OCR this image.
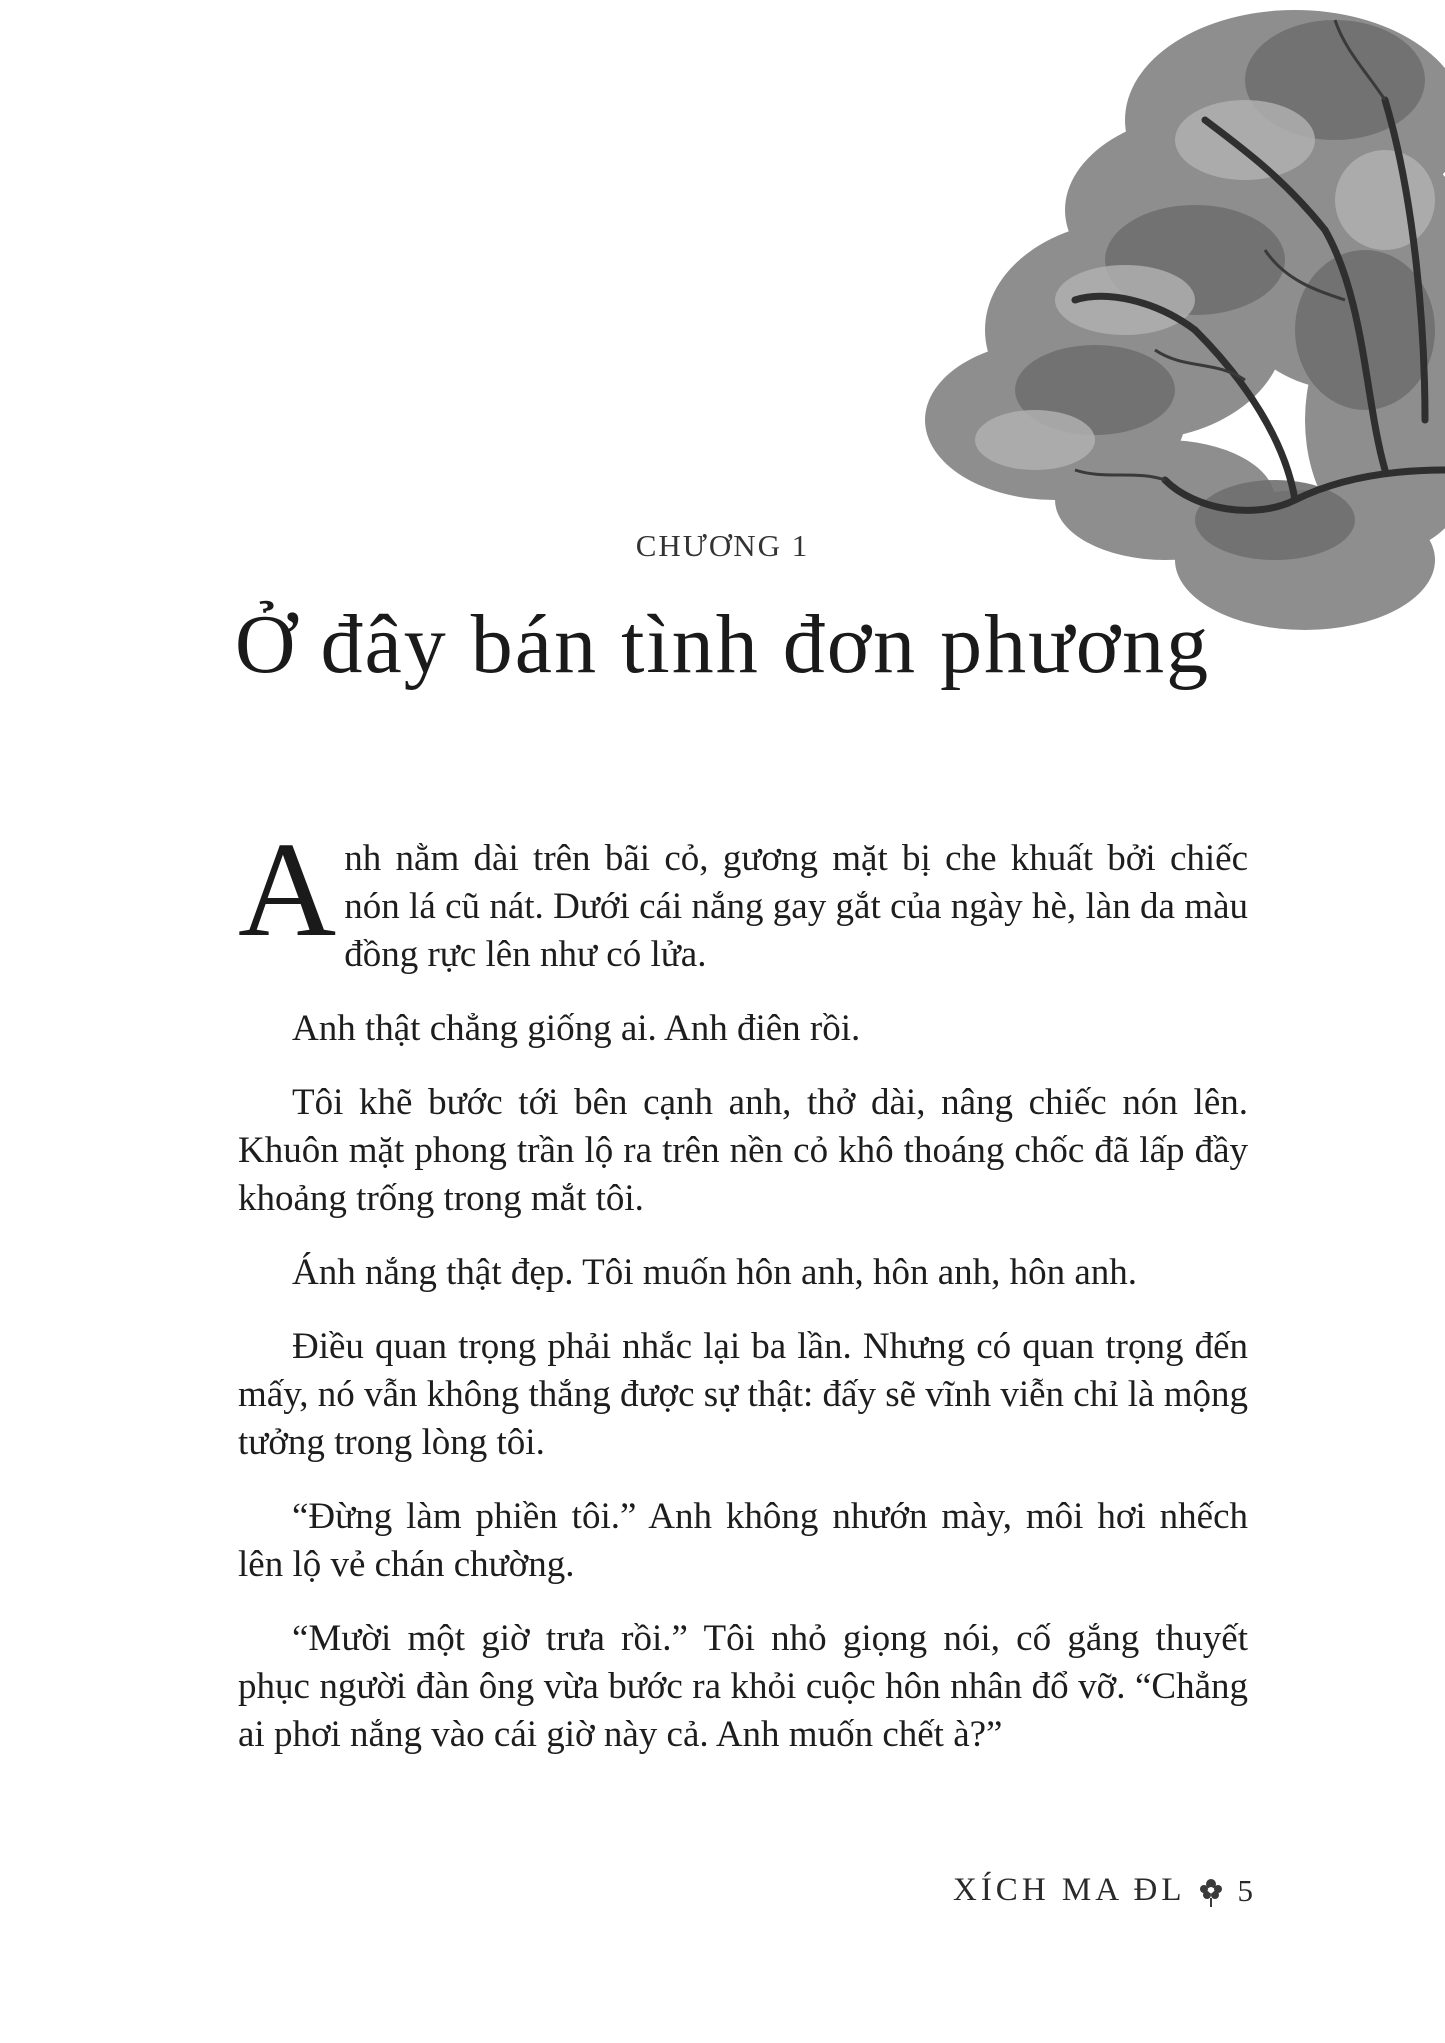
CHƯƠNG 1
Ở đây bán tình đơn phương

Anh nằm dài trên bãi cỏ, gương mặt bị che khuất bởi chiếc nón lá cũ nát. Dưới cái nắng gay gắt của ngày hè, làn da màu đồng rực lên như có lửa.

Anh thật chẳng giống ai. Anh điên rồi.

Tôi khẽ bước tới bên cạnh anh, thở dài, nâng chiếc nón lên. Khuôn mặt phong trần lộ ra trên nền cỏ khô thoáng chốc đã lấp đầy khoảng trống trong mắt tôi.

Ánh nắng thật đẹp. Tôi muốn hôn anh, hôn anh, hôn anh.

Điều quan trọng phải nhắc lại ba lần. Nhưng có quan trọng đến mấy, nó vẫn không thắng được sự thật: đấy sẽ vĩnh viễn chỉ là mộng tưởng trong lòng tôi.

“Đừng làm phiền tôi.” Anh không nhướn mày, môi hơi nhếch lên lộ vẻ chán chường.

“Mười một giờ trưa rồi.” Tôi nhỏ giọng nói, cố gắng thuyết phục người đàn ông vừa bước ra khỏi cuộc hôn nhân đổ vỡ. “Chẳng ai phơi nắng vào cái giờ này cả. Anh muốn chết à?”

XÍCH MA ĐL 5
